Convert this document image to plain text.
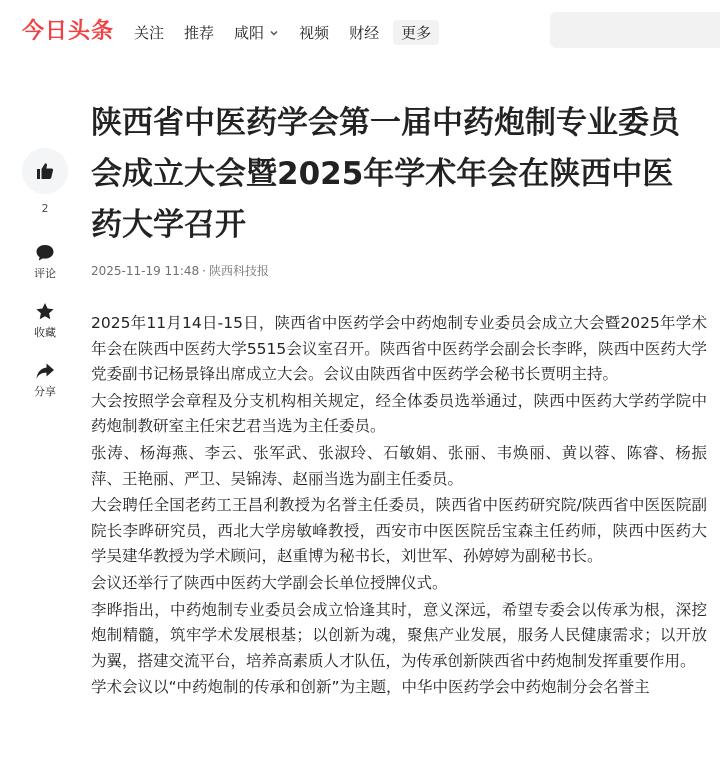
今日头条 关注 推荐 咸阳 视频 财经	更多
2
评论
收藏
分享
陕西省中医药学会第一届中药炮制专业委员会成立大会暨2025年学术年会在陕西中医药大学召开
2025-11-19 11:48 · 陕西科技报

2025年11月14日-15日，陕西省中医药学会中药炮制专业委员会成立大会暨2025年学术年会在陕西中医药大学5515会议室召开。陕西省中医药学会副会长李晔，陕西中医药大学党委副书记杨景锋出席成立大会。会议由陕西省中医药学会秘书长贾明主持。

大会按照学会章程及分支机构相关规定，经全体委员选举通过，陕西中医药大学药学院中药炮制教研室主任宋艺君当选为主任委员。

张涛、杨海燕、李云、张军武、张淑玲、石敏娟、张丽、韦焕丽、黄以蓉、陈睿、杨振萍、王艳丽、严卫、吴锦涛、赵丽当选为副主任委员。

大会聘任全国老药工王昌利教授为名誉主任委员，陕西省中医药研究院/陕西省中医医院副院长李晔研究员，西北大学房敏峰教授，西安市中医医院岳宝森主任药师，陕西中医药大学吴建华教授为学术顾问，赵重博为秘书长，刘世军、孙婷婷为副秘书长。

会议还举行了陕西中医药大学副会长单位授牌仪式。

李晔指出，中药炮制专业委员会成立恰逢其时，意义深远，希望专委会以传承为根，深挖炮制精髓，筑牢学术发展根基；以创新为魂，聚焦产业发展，服务人民健康需求；以开放为翼，搭建交流平台，培养高素质人才队伍，为传承创新陕西省中药炮制发挥重要作用。

学术会议以“中药炮制的传承和创新”为主题，中华中医药学会中药炮制分会名誉主
